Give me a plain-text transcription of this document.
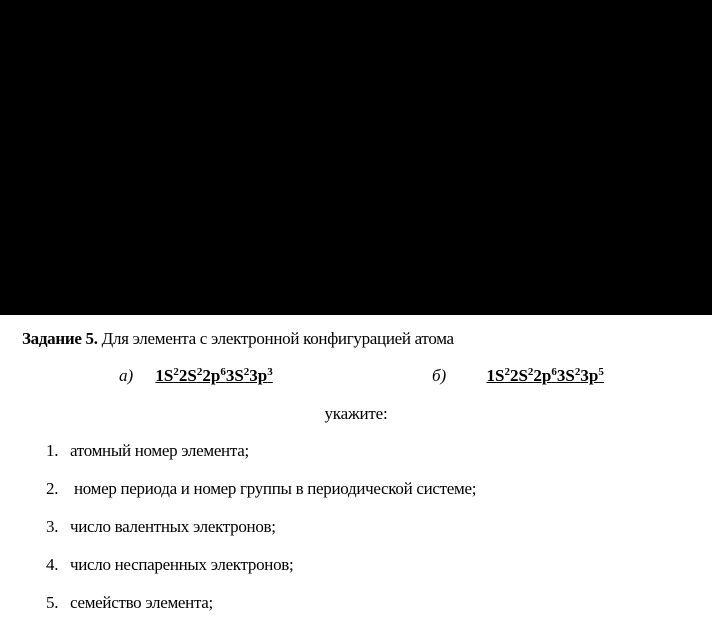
Задание 5. Для элемента с электронной конфигурацией атома
а) $1S^22S^22p^63S^23p^3$	б) $1S^22S^22p^63S^23p^5$
укажите:
1. атомный номер элемента;
2. номер периода и номер группы в периодической системе;
3. число валентных электронов;
4. число неспаренных электронов;
5. семейство элемента;
